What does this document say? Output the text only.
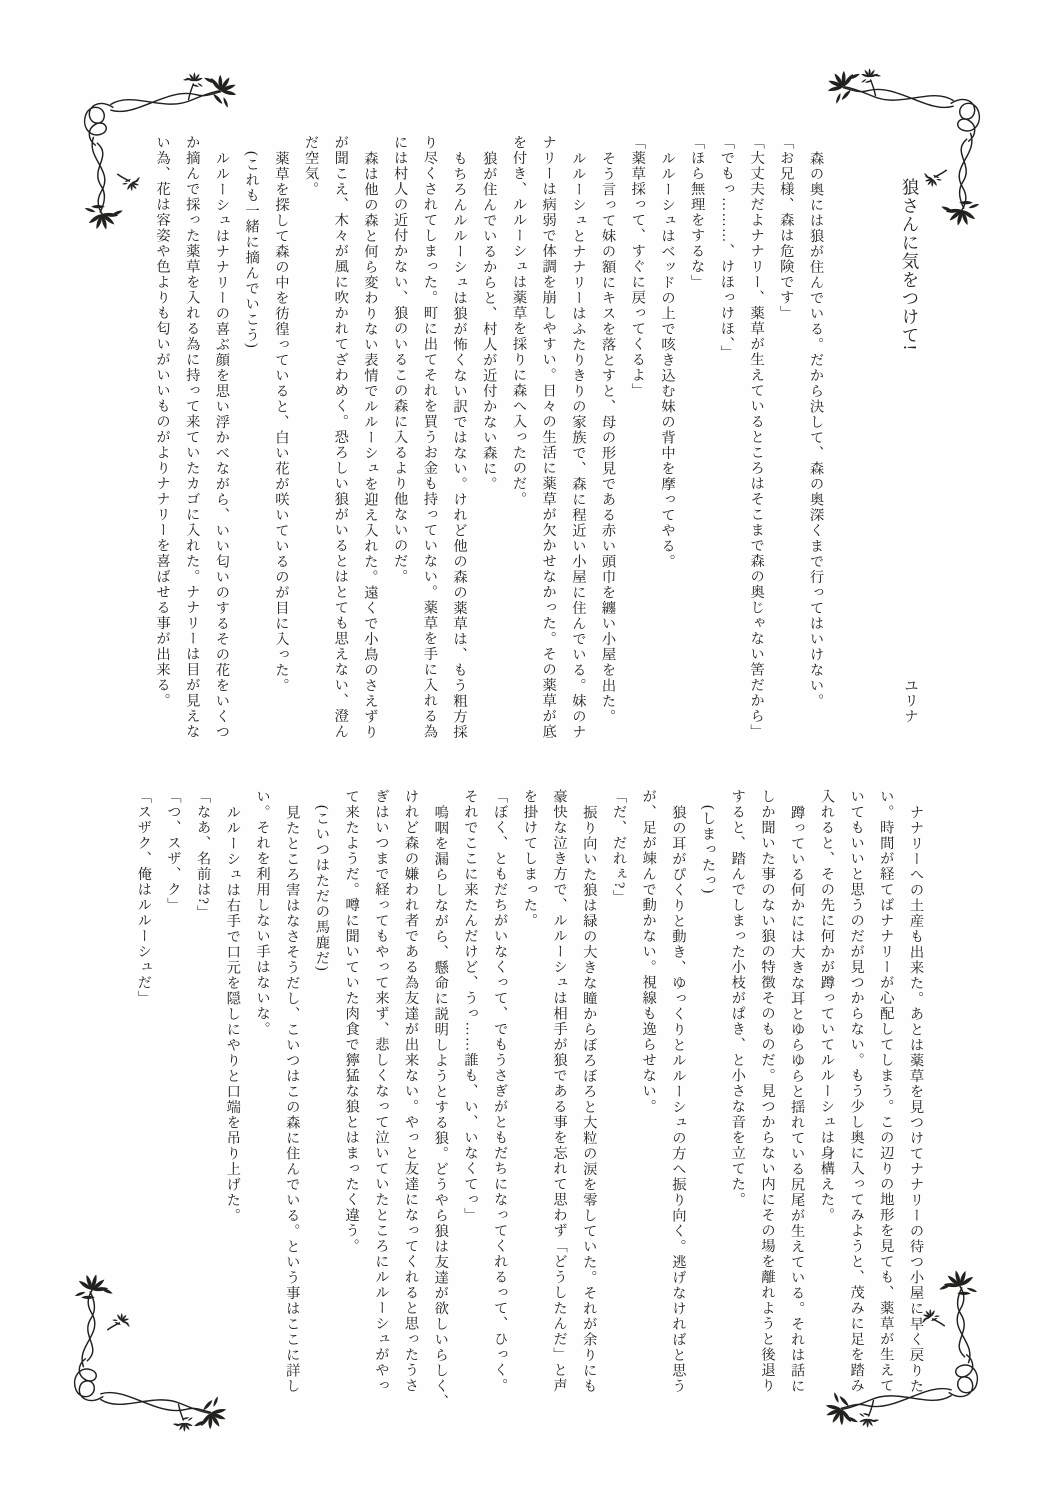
狼さんに気をつけて!
ユリナ

森の奥には狼が住んでいる。だから決して、森の奥深くまで行ってはいけない。

「お兄様、森は危険です」

「大丈夫だよナナリー、薬草が生えているところはそこまで森の奥じゃない筈だから」

「でもっ………、けほっけほ、」

「ほら無理をするな」

ルルーシュはベッドの上で咳き込む妹の背中を摩ってやる。

「薬草採って、すぐに戻ってくるよ」

そう言って妹の額にキスを落とすと、母の形見である赤い頭巾を纏い小屋を出た。

ルルーシュとナナリーはふたりきりの家族で、森に程近い小屋に住んでいる。妹のナ

ナリーは病弱で体調を崩しやすい。日々の生活に薬草が欠かせなかった。その薬草が底

を付き、ルルーシュは薬草を採りに森へ入ったのだ。

狼が住んでいるからと、村人が近付かない森に。

もちろんルルーシュは狼が怖くない訳ではない。けれど他の森の薬草は、もう粗方採

り尽くされてしまった。町に出てそれを買うお金も持っていない。薬草を手に入れる為

には村人の近付かない、狼のいるこの森に入るより他ないのだ。

森は他の森と何ら変わりない表情でルルーシュを迎え入れた。遠くで小鳥のさえずり

が聞こえ、木々が風に吹かれてざわめく。恐ろしい狼がいるとはとても思えない、澄ん

だ空気。

薬草を探して森の中を彷徨っていると、白い花が咲いているのが目に入った。

(これも一緒に摘んでいこう)

ルルーシュはナナリーの喜ぶ顔を思い浮かべながら、いい匂いのするその花をいくつ

か摘んで採った薬草を入れる為に持って来ていたカゴに入れた。ナナリーは目が見えな

い為、花は容姿や色よりも匂いがいいものがよりナナリーを喜ばせる事が出来る。

ナナリーへの土産も出来た。あとは薬草を見つけてナナリーの待つ小屋に早く戻りた

い。時間が経てばナナリーが心配してしまう。この辺りの地形を見ても、薬草が生えて

いてもいいと思うのだが見つからない。もう少し奥に入ってみようと、茂みに足を踏み

入れると、その先に何かが蹲っていてルルーシュは身構えた。

蹲っている何かには大きな耳とゆらゆらと揺れている尻尾が生えている。それは話に

しか聞いた事のない狼の特徴そのものだ。見つからない内にその場を離れようと後退り

すると、踏んでしまった小枝がぱき、と小さな音を立てた。

(しまったっ)

狼の耳がぴくりと動き、ゆっくりとルルーシュの方へ振り向く。逃げなければと思う

が、足が竦んで動かない。視線も逸らせない。

「だ、だれぇ?」

振り向いた狼は緑の大きな瞳からぼろぼろと大粒の涙を零していた。それが余りにも

豪快な泣き方で、ルルーシュは相手が狼である事を忘れて思わず「どうしたんだ」と声

を掛けてしまった。

「ぼく、ともだちがいなくって、でもうさぎがともだちになってくれるって、ひっく。

それでここに来たんだけど、うっ……誰も、い、いなくてっ」

嗚咽を漏らしながら、懸命に説明しようとする狼。どうやら狼は友達が欲しいらしく、

けれど森の嫌われ者である為友達が出来ない。やっと友達になってくれると思ったうさ

ぎはいつまで経ってもやって来ず、悲しくなって泣いていたところにルルーシュがやっ

て来たようだ。噂に聞いていた肉食で獰猛な狼とはまったく違う。

(こいつはただの馬鹿だ)

見たところ害はなさそうだし、こいつはこの森に住んでいる。という事はここに詳し

い。それを利用しない手はないな。

ルルーシュは右手で口元を隠しにやりと口端を吊り上げた。

「なあ、名前は?」

「つ、スザ、ク」

「スザク、俺はルルーシュだ」
